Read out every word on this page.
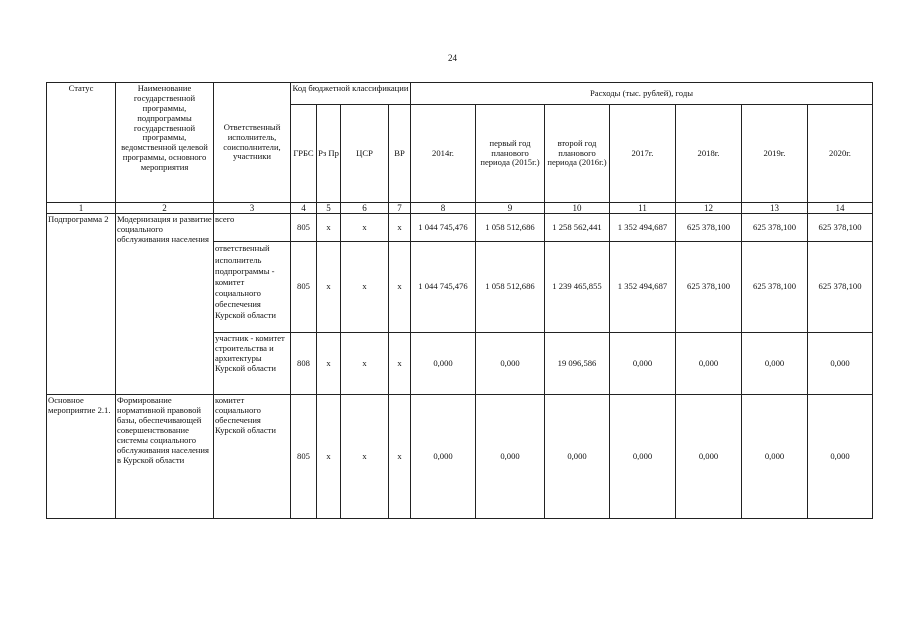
24
Статус	Наименование государственной программы, подпрограммы государственной программы, ведомственной целевой программы, основного мероприятия	Ответственный исполнитель, соисполнители, участники	Код бюджетной классификации				Расходы (тыс. рублей), годы						
			ГРБС	Рз Пр	ЦСР	ВР	2014г.	первый год планового периода (2015г.)	второй год планового периода (2016г.)	2017г.	2018г.	2019г.	2020г.
1	2	3	4	5	6	7	8	9	10	11	12	13	14
Подпрограмма 2	Модернизация и развитие социального обслуживания населения	всего	805	х	х	х	1 044 745,476	1 058 512,686	1 258 562,441	1 352 494,687	625 378,100	625 378,100	625 378,100
		ответственный исполнитель подпрограммы - комитет социального обеспечения Курской области	805	х	х	х	1 044 745,476	1 058 512,686	1 239 465,855	1 352 494,687	625 378,100	625 378,100	625 378,100
		участник - комитет строительства и архитектуры Курской области	808	х	х	х	0,000	0,000	19 096,586	0,000	0,000	0,000	0,000
Основное мероприятие 2.1.	Формирование нормативной правовой базы, обеспечивающей совершенствование системы социального обслуживания населения в Курской области	комитет социального обеспечения Курской области	805	х	х	х	0,000	0,000	0,000	0,000	0,000	0,000	0,000
